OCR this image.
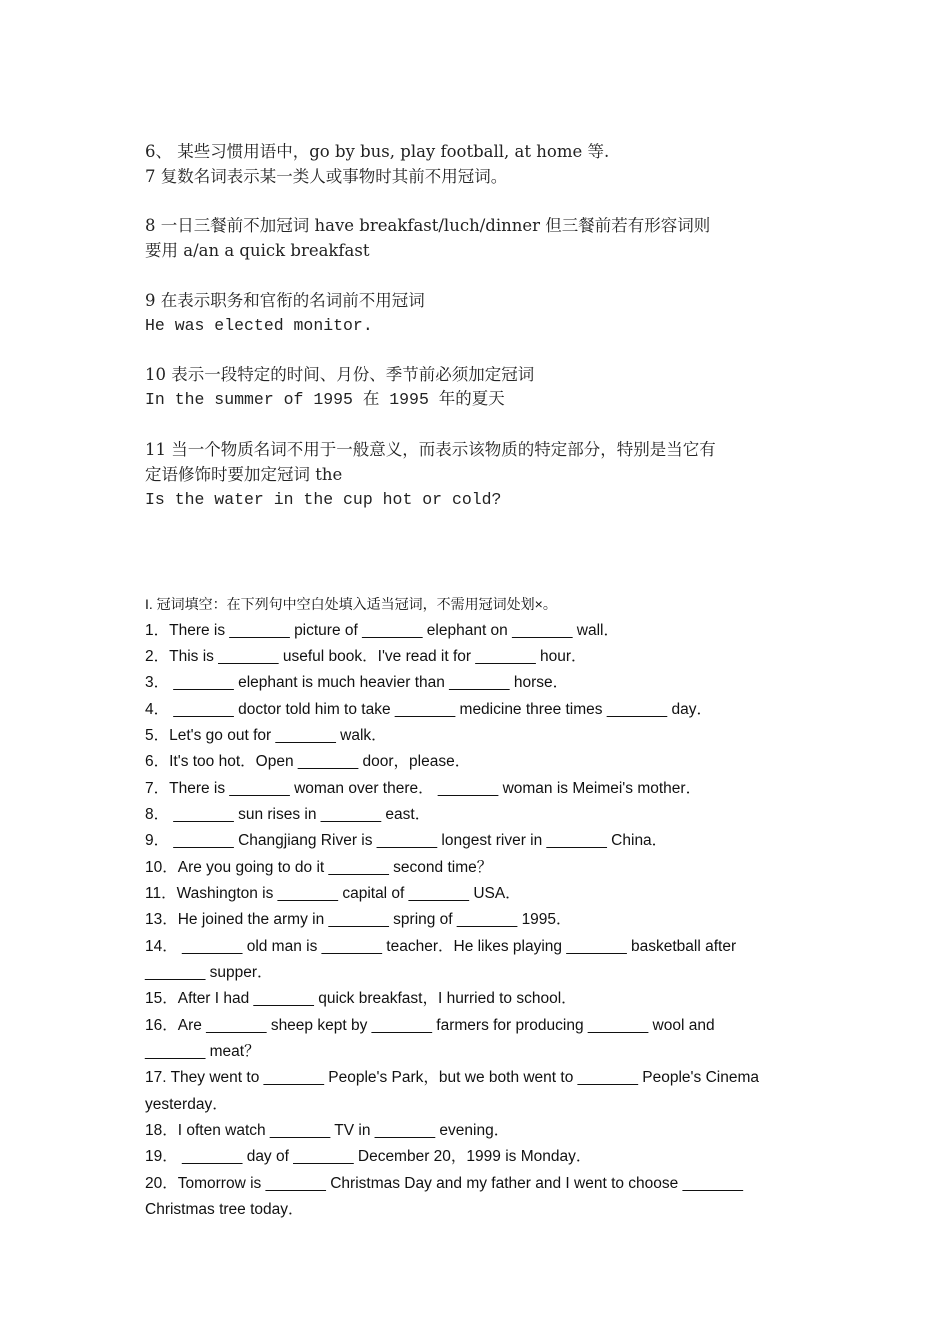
6、 某些习惯用语中，go by bus, play football, at home 等.

7 复数名词表示某一类人或事物时其前不用冠词。

8 一日三餐前不加冠词 have breakfast/luch/dinner 但三餐前若有形容词则

要用 a/an a quick breakfast

9 在表示职务和官衔的名词前不用冠词

He was elected monitor.

10 表示一段特定的时间、月份、季节前必须加定冠词

In the summer of 1995 在 1995 年的夏天

11 当一个物质名词不用于一般意义，而表示该物质的特定部分，特别是当它有

定语修饰时要加定冠词 the

Is the water in the cup hot or cold?

I. 冠词填空：在下列句中空白处填入适当冠词，不需用冠词处划×。

1．There is _______ picture of _______ elephant on _______ wall．

2．This is _______ useful book．I've read it for _______ hour．

3． _______ elephant is much heavier than _______ horse．

4． _______ doctor told him to take _______ medicine three times _______ day．

5．Let's go out for _______ walk．

6．It's too hot．Open _______ door，please．

7．There is _______ woman over there． _______ woman is Meimei's mother．

8． _______ sun rises in _______ east．

9． _______ Changjiang River is _______ longest river in _______ China．

10．Are you going to do it _______ second time？

11．Washington is _______ capital of _______ USA．

13．He joined the army in _______ spring of _______ 1995．

14． _______ old man is _______ teacher．He likes playing _______ basketball after

_______ supper．

15．After I had _______ quick breakfast，I hurried to school．

16．Are _______ sheep kept by _______ farmers for producing _______ wool and

_______ meat？

17. They went to _______ People's Park，but we both went to _______ People's Cinema

yesterday．

18．I often watch _______ TV in _______ evening．

19． _______ day of _______ December 20，1999 is Monday．

20．Tomorrow is _______ Christmas Day and my father and I went to choose _______

Christmas tree today．
